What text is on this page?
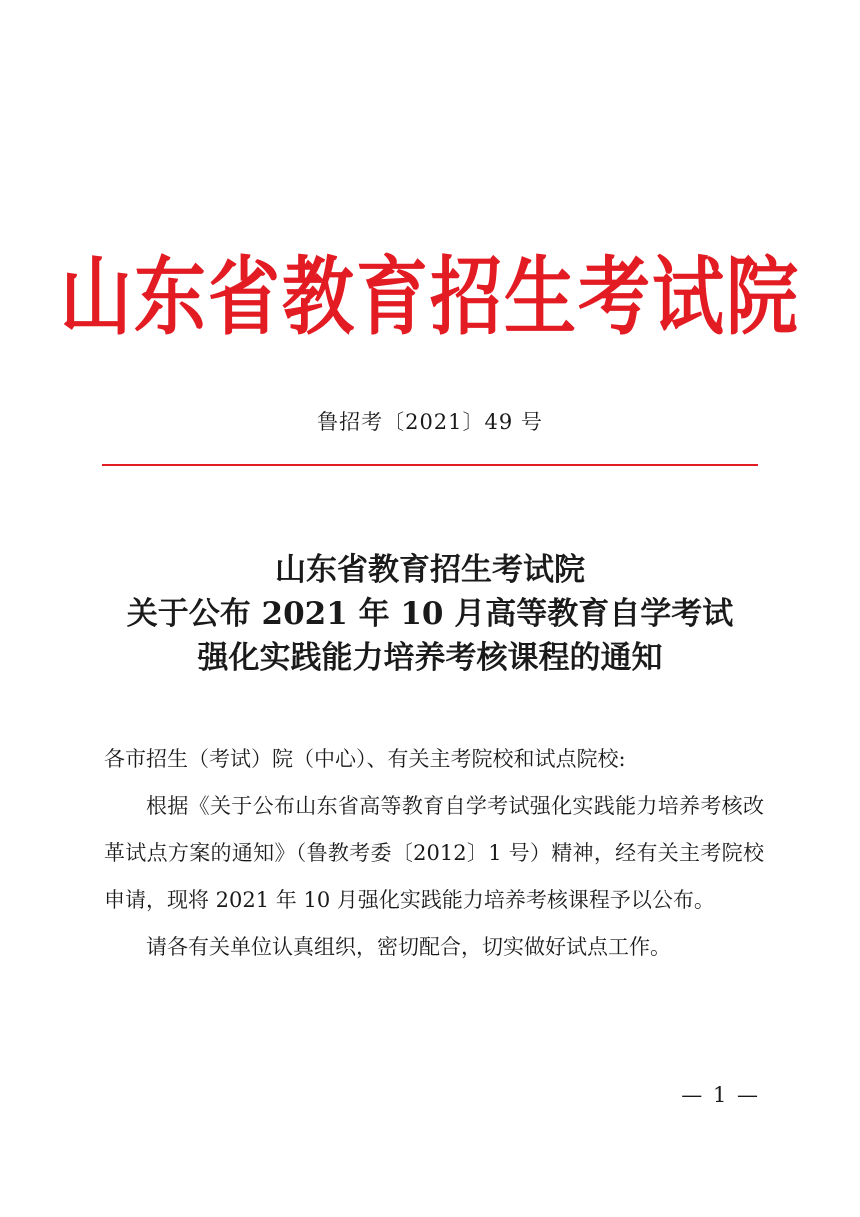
山东省教育招生考试院
鲁招考〔2021〕49 号
山东省教育招生考试院
关于公布 2021 年 10 月高等教育自学考试
强化实践能力培养考核课程的通知

各市招生（考试）院（中心）、有关主考院校和试点院校:

根据《关于公布山东省高等教育自学考试强化实践能力培养考核改革试点方案的通知》（鲁教考委〔2012〕1 号）精神，经有关主考院校申请，现将 2021 年 10 月强化实践能力培养考核课程予以公布。

请各有关单位认真组织，密切配合，切实做好试点工作。

— 1 —
